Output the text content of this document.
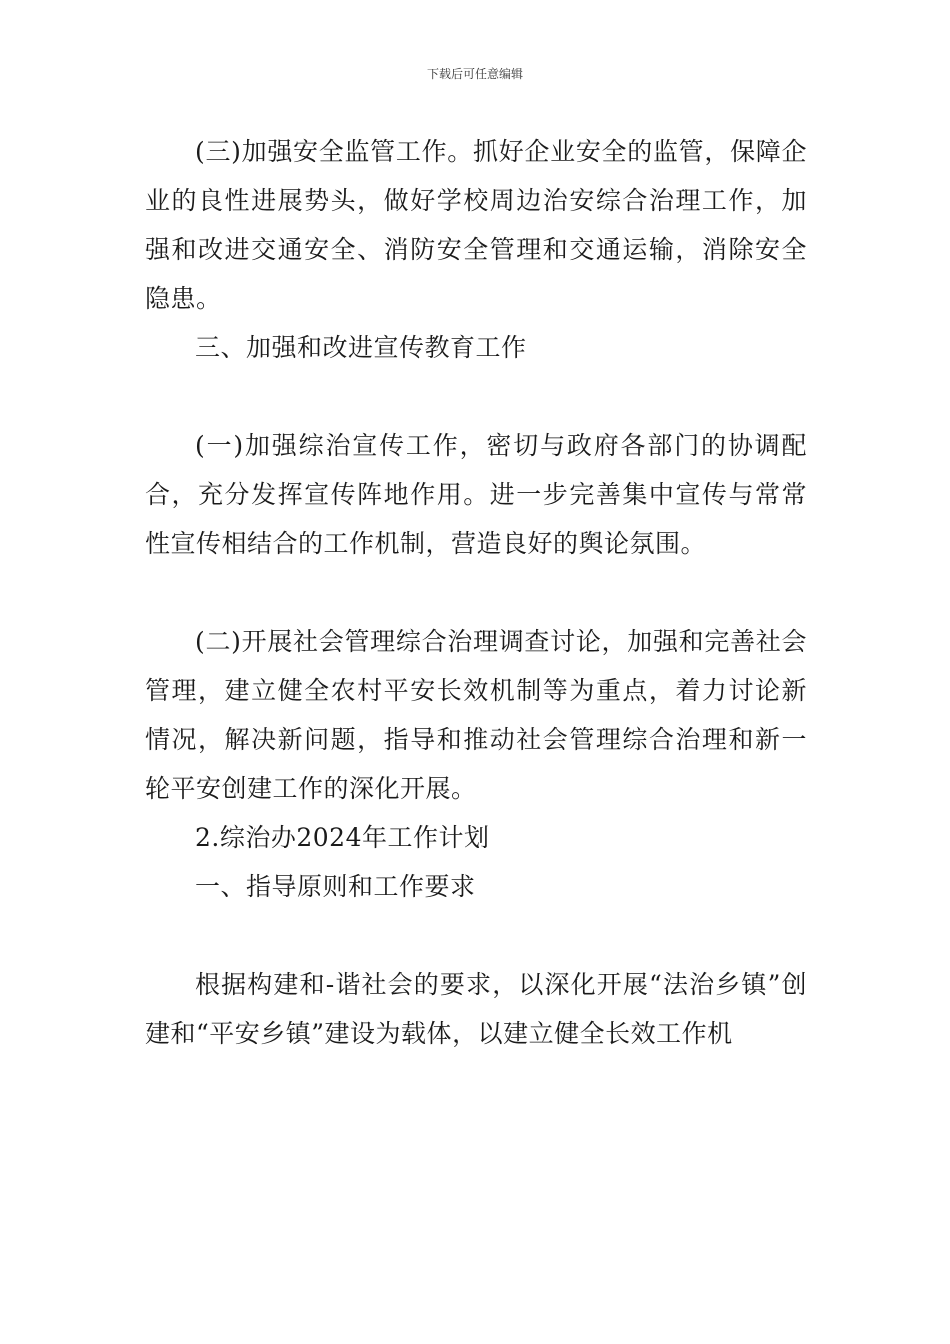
下载后可任意编辑

(三)加强安全监管工作。抓好企业安全的监管，保障企业的良性进展势头，做好学校周边治安综合治理工作，加强和改进交通安全、消防安全管理和交通运输，消除安全隐患。

三、加强和改进宣传教育工作

(一)加强综治宣传工作，密切与政府各部门的协调配合，充分发挥宣传阵地作用。进一步完善集中宣传与常常性宣传相结合的工作机制，营造良好的舆论氛围。

(二)开展社会管理综合治理调查讨论，加强和完善社会管理，建立健全农村平安长效机制等为重点，着力讨论新情况，解决新问题，指导和推动社会管理综合治理和新一轮平安创建工作的深化开展。

2.综治办2024年工作计划

一、指导原则和工作要求

根据构建和-谐社会的要求，以深化开展“法治乡镇”创建和“平安乡镇”建设为载体，以建立健全长效工作机
